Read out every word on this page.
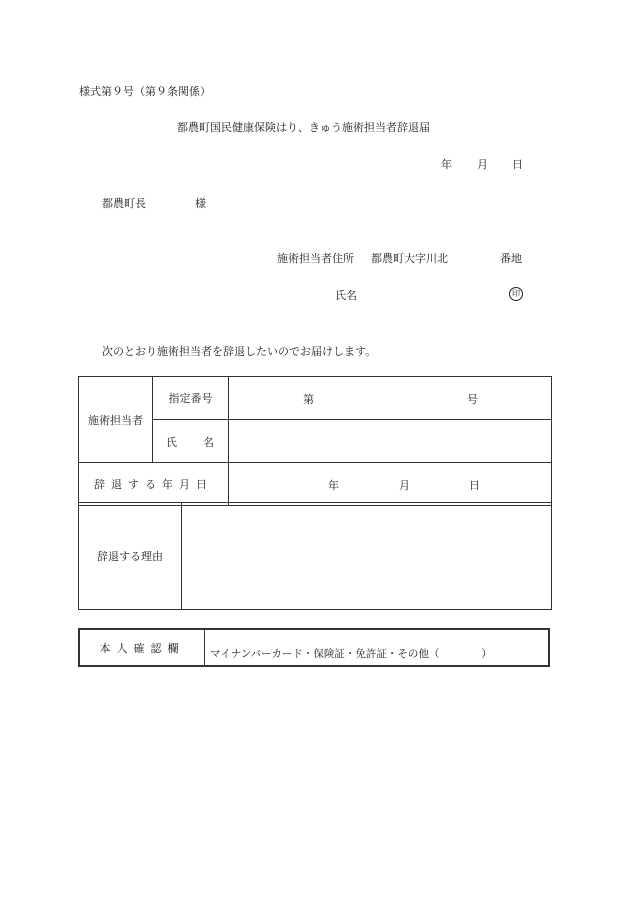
様式第９号（第９条関係）
都農町国民健康保険はり、きゅう施術担当者辞退届
年 月 日
都農町長	様
施術担当者住所 都農町大字川北	番地
氏名	印
次のとおり施術担当者を辞退したいのでお届けします。
施術担当者	指定番号	第 号

	氏 名	

辞退する年月日		年 月 日
辞退する理由	
本人確認欄 マイナンバーカード・保険証・免許証・その他（　　　　）
